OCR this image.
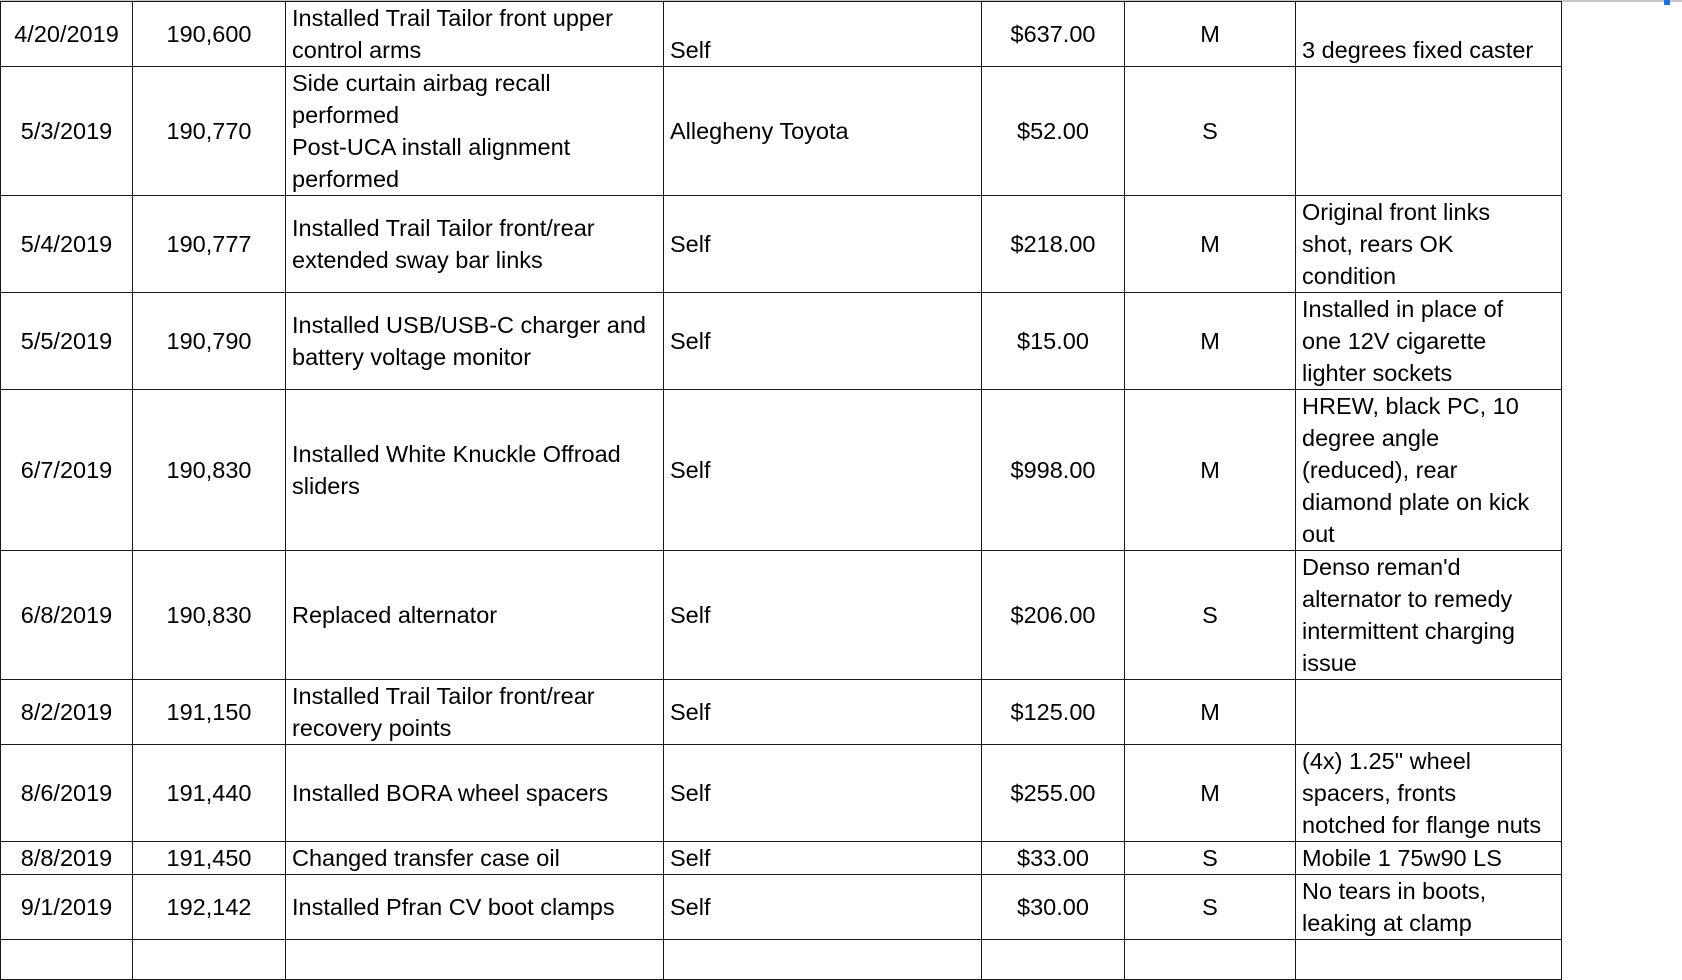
4/20/2019	190,600	Installed Trail Tailor front upper
control arms	Self	$637.00	M	3 degrees fixed caster
5/3/2019	190,770	Side curtain airbag recall
performed
Post-UCA install alignment
performed	Allegheny Toyota	$52.00	S	
5/4/2019	190,777	Installed Trail Tailor front/rear
extended sway bar links	Self	$218.00	M	Original front links
shot, rears OK
condition
5/5/2019	190,790	Installed USB/USB-C charger and
battery voltage monitor	Self	$15.00	M	Installed in place of
one 12V cigarette
lighter sockets
6/7/2019	190,830	Installed White Knuckle Offroad
sliders	Self	$998.00	M	HREW, black PC, 10
degree angle
(reduced), rear
diamond plate on kick
out
6/8/2019	190,830	Replaced alternator	Self	$206.00	S	Denso reman'd
alternator to remedy
intermittent charging
issue
8/2/2019	191,150	Installed Trail Tailor front/rear
recovery points	Self	$125.00	M	
8/6/2019	191,440	Installed BORA wheel spacers	Self	$255.00	M	(4x) 1.25" wheel
spacers, fronts
notched for flange nuts
8/8/2019	191,450	Changed transfer case oil	Self	$33.00	S	Mobile 1 75w90 LS
9/1/2019	192,142	Installed Pfran CV boot clamps	Self	$30.00	S	No tears in boots,
leaking at clamp
